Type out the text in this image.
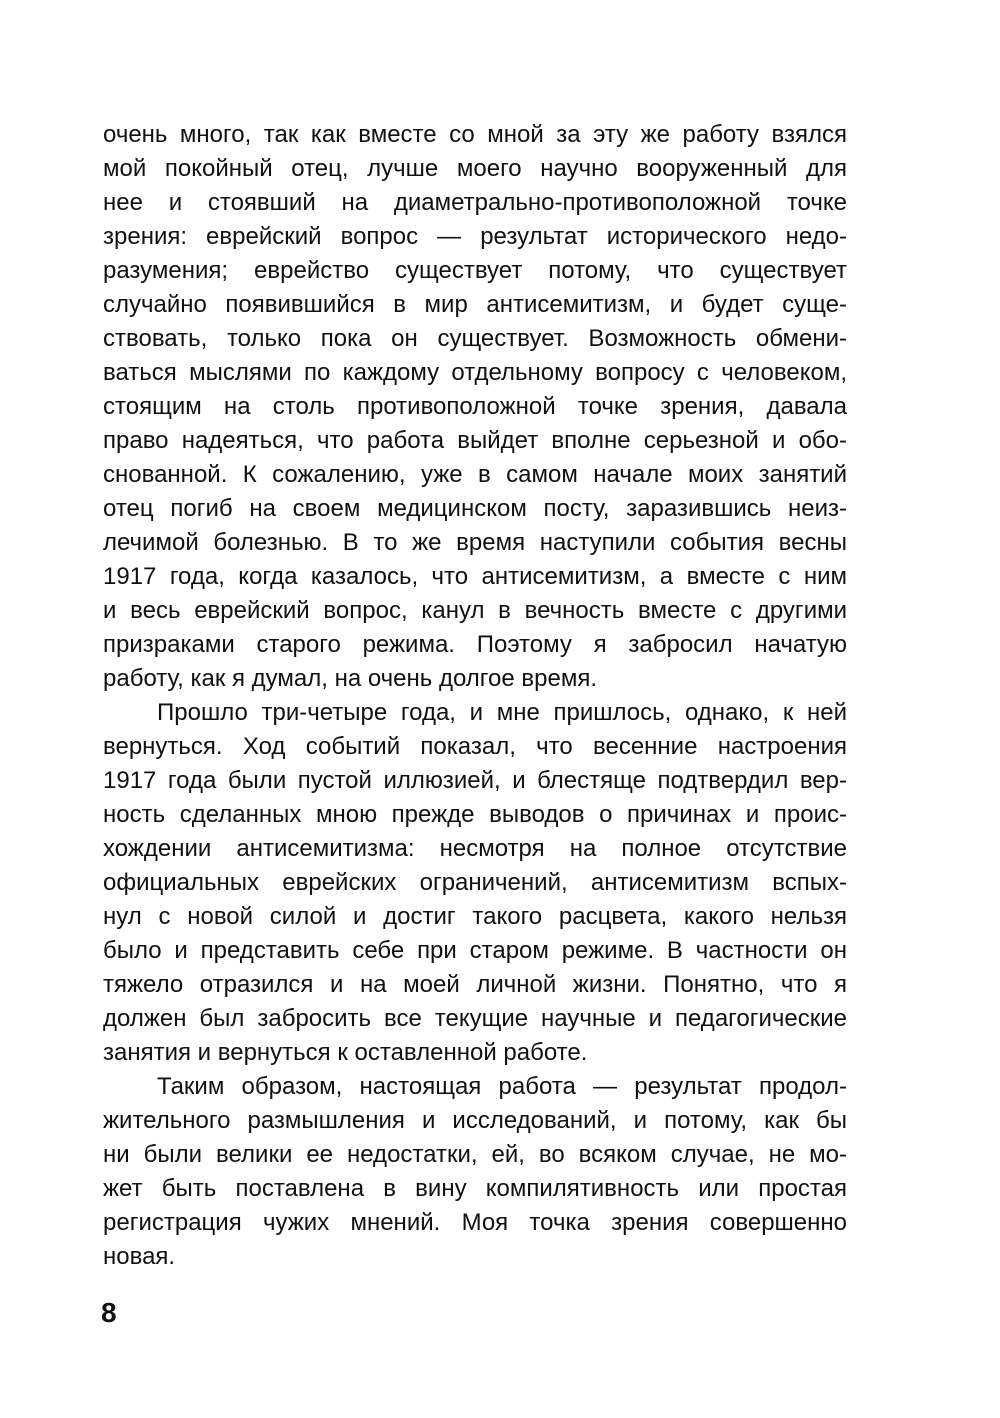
очень много, так как вместе со мной за эту же работу взялся
мой покойный отец, лучше моего научно вооруженный для
нее и стоявший на диаметрально-противоположной точке
зрения: еврейский вопрос — результат исторического недо-
разумения; еврейство существует потому, что существует
случайно появившийся в мир антисемитизм, и будет суще-
ствовать, только пока он существует. Возможность обмени-
ваться мыслями по каждому отдельному вопросу с человеком,
стоящим на столь противоположной точке зрения, давала
право надеяться, что работа выйдет вполне серьезной и обо-
снованной. К сожалению, уже в самом начале моих занятий
отец погиб на своем медицинском посту, заразившись неиз-
лечимой болезнью. В то же время наступили события весны
1917 года, когда казалось, что антисемитизм, а вместе с ним
и весь еврейский вопрос, канул в вечность вместе с другими
призраками старого режима. Поэтому я забросил начатую
работу, как я думал, на очень долгое время.
Прошло три-четыре года, и мне пришлось, однако, к ней
вернуться. Ход событий показал, что весенние настроения
1917 года были пустой иллюзией, и блестяще подтвердил вер-
ность сделанных мною прежде выводов о причинах и проис-
хождении антисемитизма: несмотря на полное отсутствие
официальных еврейских ограничений, антисемитизм вспых-
нул с новой силой и достиг такого расцвета, какого нельзя
было и представить себе при старом режиме. В частности он
тяжело отразился и на моей личной жизни. Понятно, что я
должен был забросить все текущие научные и педагогические
занятия и вернуться к оставленной работе.
Таким образом, настоящая работа — результат продол-
жительного размышления и исследований, и потому, как бы
ни были велики ее недостатки, ей, во всяком случае, не мо-
жет быть поставлена в вину компилятивность или простая
регистрация чужих мнений. Моя точка зрения совершенно
новая.
8
